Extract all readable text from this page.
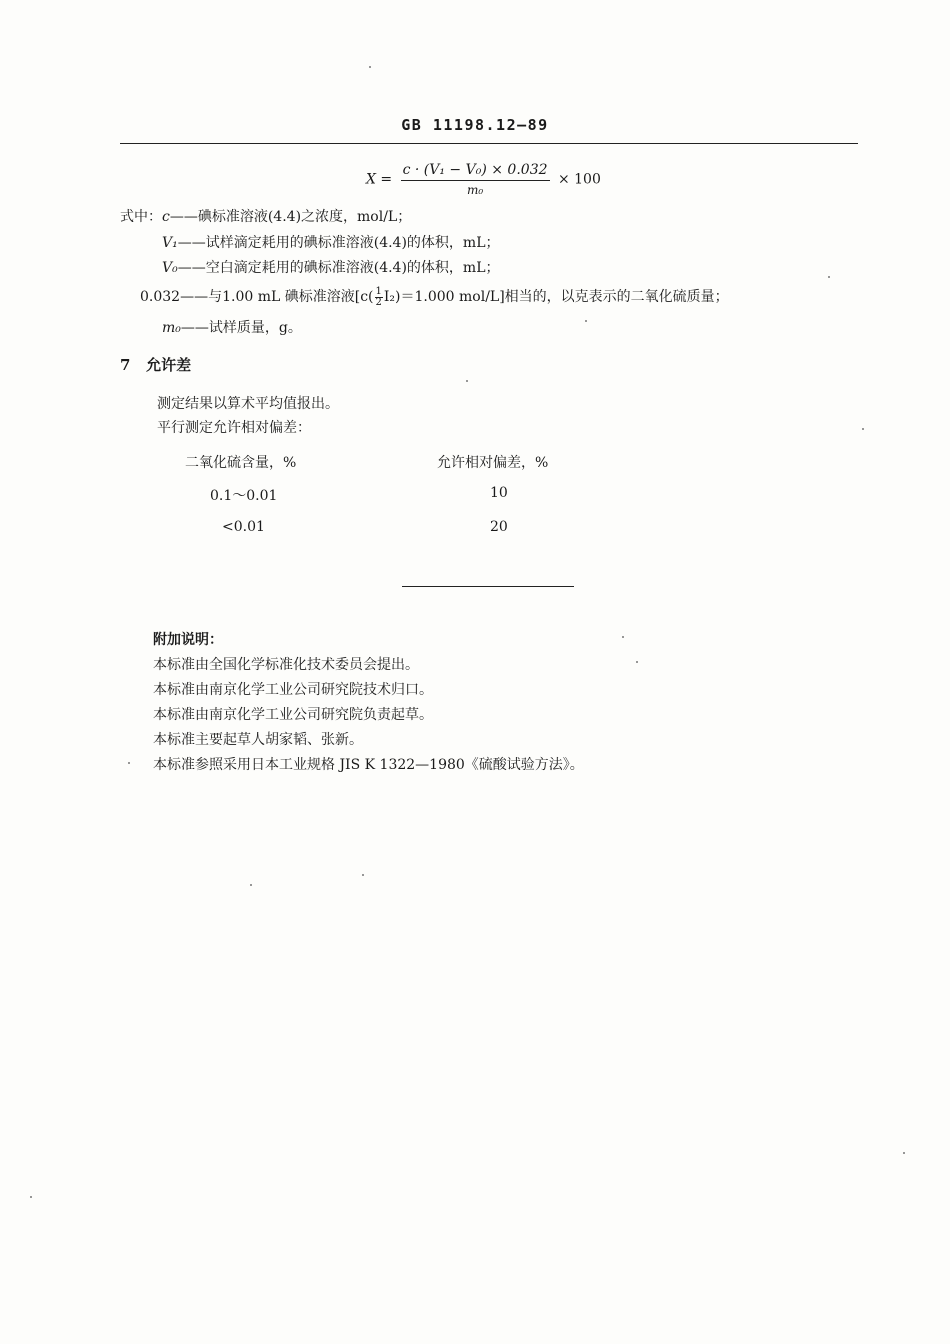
GB 11198.12—89
$X = \frac{\text{c · (V₁ − V₀) × 0.032}}{\text{m₀}} \times 100$
式中：c——碘标准溶液(4.4)之浓度，mol/L；
V₁——试样滴定耗用的碘标准溶液(4.4)的体积，mL；
V₀——空白滴定耗用的碘标准溶液(4.4)的体积，mL；
0.032——与1.00 mL 碘标准溶液[$c( \frac{1}{2}I_2)=1.000$ mol/L]相当的，以克表示的二氧化硫质量；
m₀——试样质量，g。
7 允许差
测定结果以算术平均值报出。
平行测定允许相对偏差：
二氧化硫含量，%	允许相对偏差，%
0.1～0.01	10
<0.01	20
附加说明：
本标准由全国化学标准化技术委员会提出。
本标准由南京化学工业公司研究院技术归口。
本标准由南京化学工业公司研究院负责起草。
本标准主要起草人胡家韬、张新。
本标准参照采用日本工业规格 JIS K 1322—1980《硫酸试验方法》。
